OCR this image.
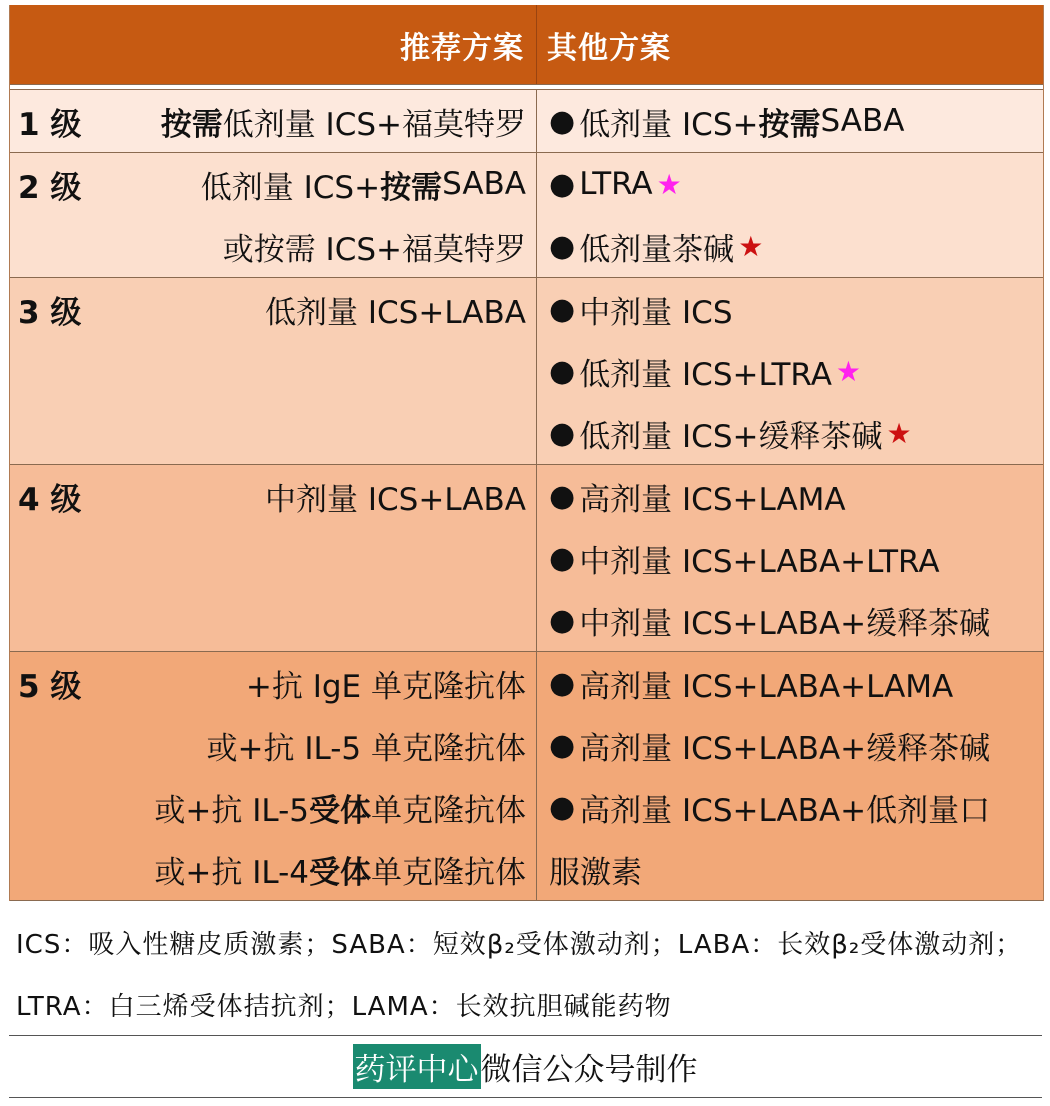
推荐方案 其他方案
1 级	按需 低剂量 ICS+福莫特罗 ● 低剂量 ICS+ 按需 SABA
2 级	低剂量 ICS+ 按需 SABA
或按需 ICS+福莫特罗
● LTRA ★
● 低剂量茶碱 ★
3 级	低剂量 ICS+LABA ● 中剂量 ICS
● 低剂量 ICS+LTRA ★
● 低剂量 ICS+缓释茶碱 ★
4 级	中剂量 ICS+LABA ● 高剂量 ICS+LAMA
● 中剂量 ICS+LABA+LTRA
● 中剂量 ICS+LABA+缓释茶碱
5 级	+抗 IgE 单克隆抗体
或+抗 IL-5 单克隆抗体
或+抗 IL-5 受体 单克隆抗体
或+抗 IL-4 受体 单克隆抗体
● 高剂量 ICS+LABA+LAMA
● 高剂量 ICS+LABA+缓释茶碱
● 高剂量 ICS+LABA+低剂量口
服激素
ICS：吸入性糖皮质激素；SABA：短效β₂受体激动剂；LABA：长效β₂受体激动剂；LTRA：白三烯受体拮抗剂；LAMA：长效抗胆碱能药物
药评中心 微信公众号制作
